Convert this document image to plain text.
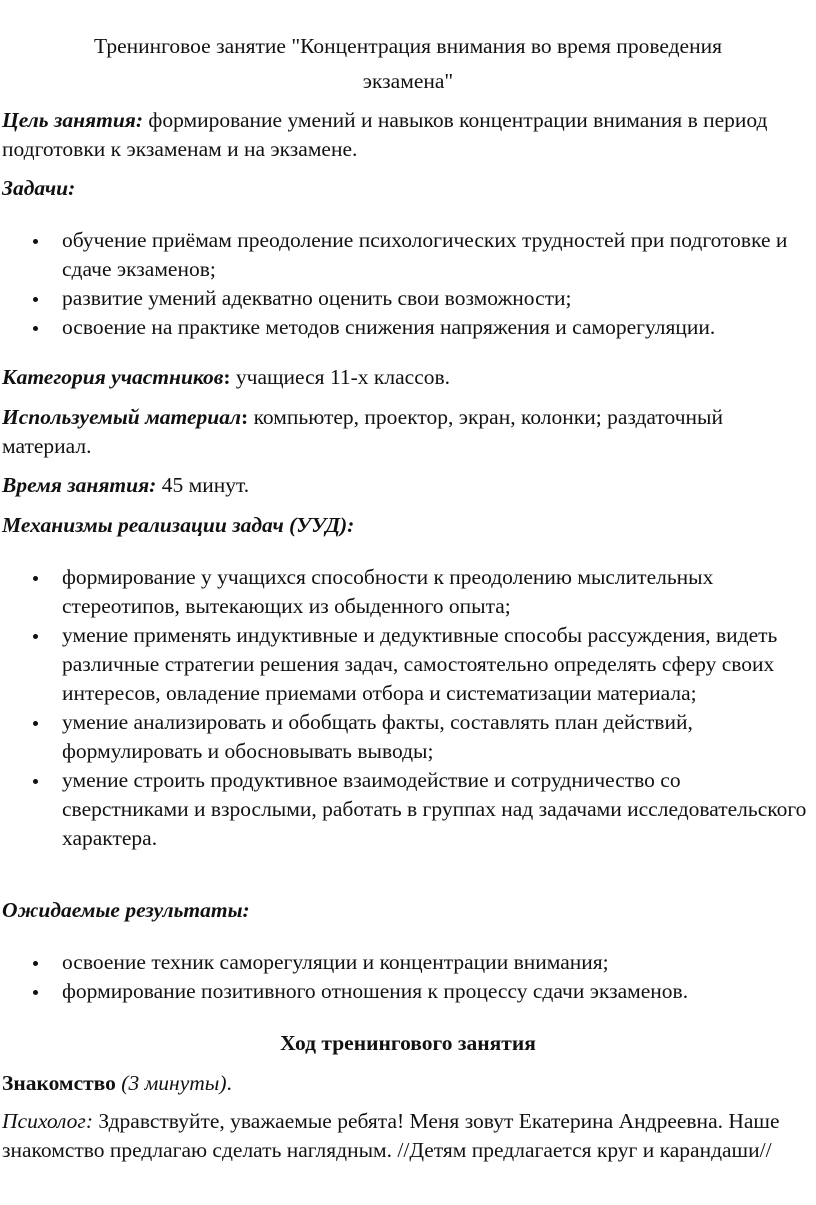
Тренинговое занятие "Концентрация внимания во время проведения
экзамена"

Цель занятия: формирование умений и навыков концентрации внимания в период подготовки к экзаменам и на экзамене.

Задачи:

обучение приёмам преодоление психологических трудностей при подготовке и сдаче экзаменов;
развитие умений адекватно оценить свои возможности;
освоение на практике методов снижения напряжения и саморегуляции.

Категория участников: учащиеся 11-х классов.

Используемый материал: компьютер, проектор, экран, колонки; раздаточный материал.

Время занятия: 45 минут.

Механизмы реализации задач (УУД):

формирование у учащихся способности к преодолению мыслительных стереотипов, вытекающих из обыденного опыта;
умение применять индуктивные и дедуктивные способы рассуждения, видеть различные стратегии решения задач, самостоятельно определять сферу своих интересов, овладение приемами отбора и систематизации материала;
умение анализировать и обобщать факты, составлять план действий, формулировать и обосновывать выводы;
умение строить продуктивное взаимодействие и сотрудничество со сверстниками и взрослыми, работать в группах над задачами исследовательского характера.

Ожидаемые результаты:

освоение техник саморегуляции и концентрации внимания;
формирование позитивного отношения к процессу сдачи экзаменов.
Ход тренингового занятия

Знакомство (3 минуты).

Психолог: Здравствуйте, уважаемые ребята! Меня зовут Екатерина Андреевна. Наше знакомство предлагаю сделать наглядным. //Детям предлагается круг и карандаши//
